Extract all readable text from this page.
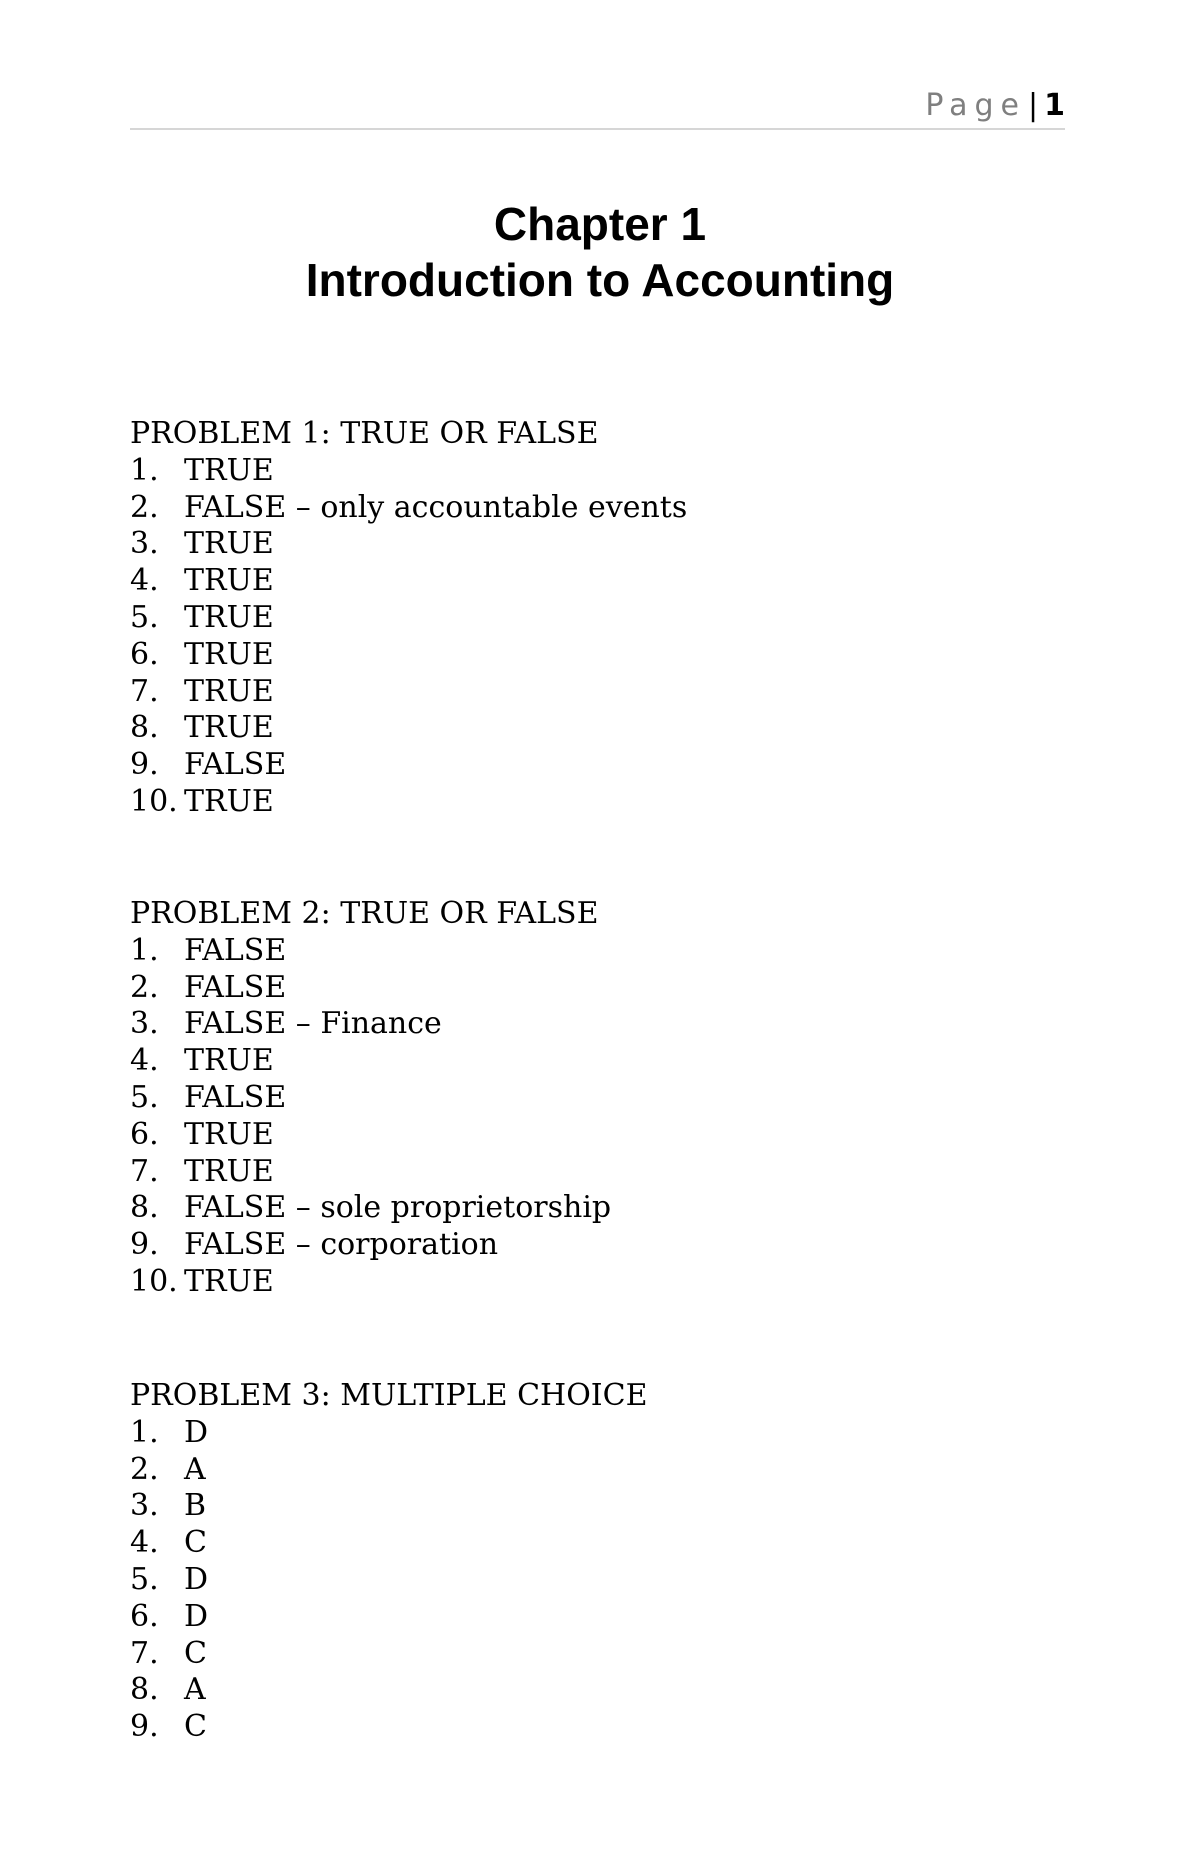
Page| 1
Chapter 1
Introduction to Accounting
PROBLEM 1: TRUE OR FALSE
1. TRUE
2. FALSE – only accountable events
3. TRUE
4. TRUE
5. TRUE
6. TRUE
7. TRUE
8. TRUE
9. FALSE
10. TRUE
PROBLEM 2: TRUE OR FALSE
1. FALSE
2. FALSE
3. FALSE – Finance
4. TRUE
5. FALSE
6. TRUE
7. TRUE
8. FALSE – sole proprietorship
9. FALSE – corporation
10. TRUE
PROBLEM 3: MULTIPLE CHOICE
1. D
2. A
3. B
4. C
5. D
6. D
7. C
8. A
9. C
